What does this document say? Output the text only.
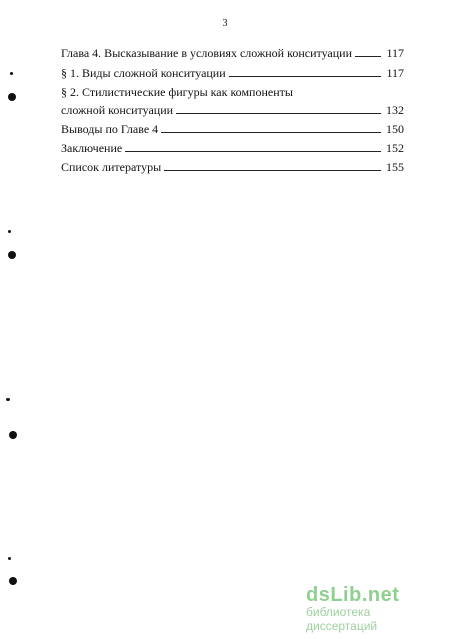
3
Глава 4. Высказывание в условиях сложной конситуации	117
§ 1. Виды сложной конситуации	117
§ 2. Стилистические фигуры как компоненты
сложной конситуации	132
Выводы по Главе 4	150
Заключение	152
Список литературы	155
dsLib.net
библиотека диссертаций
